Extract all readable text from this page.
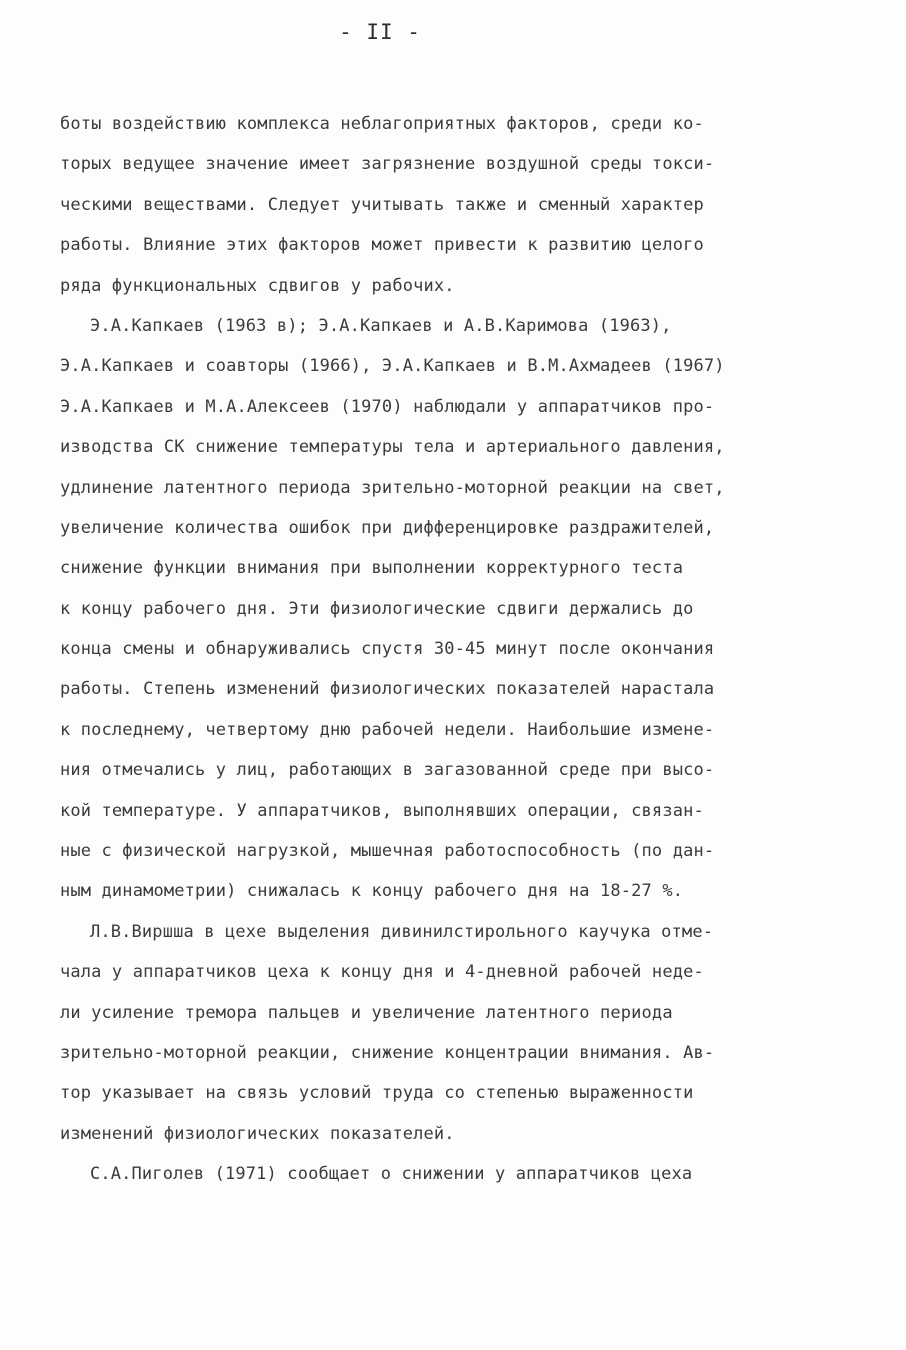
- II -
боты воздействию комплекса неблагоприятных факторов, среди ко-
торых ведущее значение имеет загрязнение воздушной среды токси-
ческими веществами. Следует учитывать также и сменный характер
работы. Влияние этих факторов может привести к развитию целого
ряда функциональных сдвигов у рабочих.
Э.А.Капкаев (1963 в); Э.А.Капкаев и А.В.Каримова (1963),
Э.А.Капкаев и соавторы (1966), Э.А.Капкаев и В.М.Ахмадеев (1967)
Э.А.Капкаев и М.А.Алексеев (1970) наблюдали у аппаратчиков про-
изводства СК снижение температуры тела и артериального давления,
удлинение латентного периода зрительно-моторной реакции на свет,
увеличение количества ошибок при дифференцировке раздражителей,
снижение функции внимания при выполнении корректурного теста
к концу рабочего дня. Эти физиологические сдвиги держались до
конца смены и обнаруживались спустя 30-45 минут после окончания
работы. Степень изменений физиологических показателей нарастала
к последнему, четвертому дню рабочей недели. Наибольшие измене-
ния отмечались у лиц, работающих в загазованной среде при высо-
кой температуре. У аппаратчиков, выполнявших операции, связан-
ные с физической нагрузкой, мышечная работоспособность (по дан-
ным динамометрии) снижалась к концу рабочего дня на 18-27 %.
Л.В.Виршша в цехе выделения дивинилстирольного каучука отме-
чала у аппаратчиков цеха к концу дня и 4-дневной рабочей неде-
ли усиление тремора пальцев и увеличение латентного периода
зрительно-моторной реакции, снижение концентрации внимания. Ав-
тор указывает на связь условий труда со степенью выраженности
изменений физиологических показателей.
С.А.Пиголев (1971) сообщает о снижении у аппаратчиков цеха
